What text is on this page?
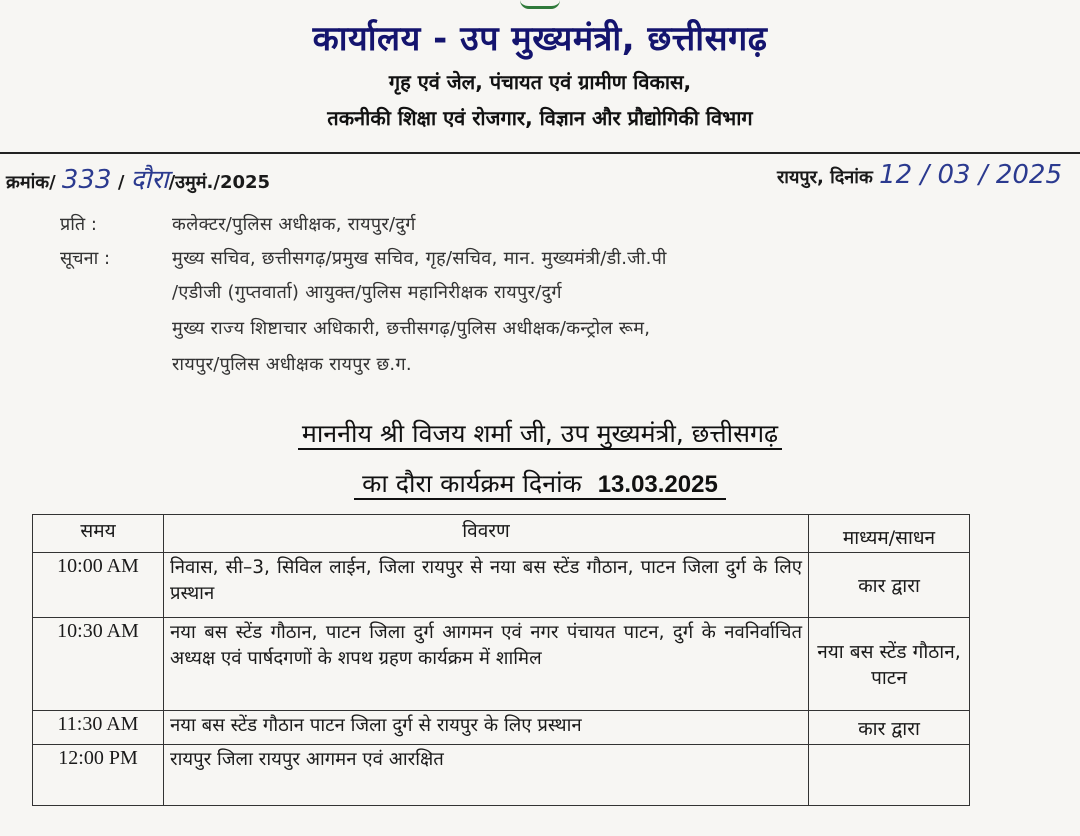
कार्यालय - उप मुख्यमंत्री, छत्तीसगढ़
गृह एवं जेल, पंचायत एवं ग्रामीण विकास,
तकनीकी शिक्षा एवं रोजगार, विज्ञान और प्रौद्योगिकी विभाग
क्रमांक/ 333 / दौरा/उमुमं./2025	रायपुर, दिनांक 12 / 03 / 2025
प्रति :	कलेक्टर/पुलिस अधीक्षक, रायपुर/दुर्ग
सूचना :	मुख्य सचिव, छत्तीसगढ़/प्रमुख सचिव, गृह/सचिव, मान. मुख्यमंत्री/डी.जी.पी
/एडीजी (गुप्तवार्ता) आयुक्त/पुलिस महानिरीक्षक रायपुर/दुर्ग
मुख्य राज्य शिष्टाचार अधिकारी, छत्तीसगढ़/पुलिस अधीक्षक/कन्ट्रोल रूम,
रायपुर/पुलिस अधीक्षक रायपुर छ.ग.
माननीय श्री विजय शर्मा जी, उप मुख्यमंत्री, छत्तीसगढ़
का दौरा कार्यक्रम दिनांक 13.03.2025
समय	विवरण	माध्यम/साधन
10:00 AM	निवास, सी–3, सिविल लाईन, जिला रायपुर से नया बस स्टेंड गौठान, पाटन जिला दुर्ग के लिए प्रस्थान	कार द्वारा
10:30 AM	नया बस स्टेंड गौठान, पाटन जिला दुर्ग आगमन एवं नगर पंचायत पाटन, दुर्ग के नवनिर्वाचित अध्यक्ष एवं पार्षदगणों के शपथ ग्रहण कार्यक्रम में शामिल	नया बस स्टेंड गौठान, पाटन
11:30 AM	नया बस स्टेंड गौठान पाटन जिला दुर्ग से रायपुर के लिए प्रस्थान	कार द्वारा
12:00 PM	रायपुर जिला रायपुर आगमन एवं आरक्षित	
